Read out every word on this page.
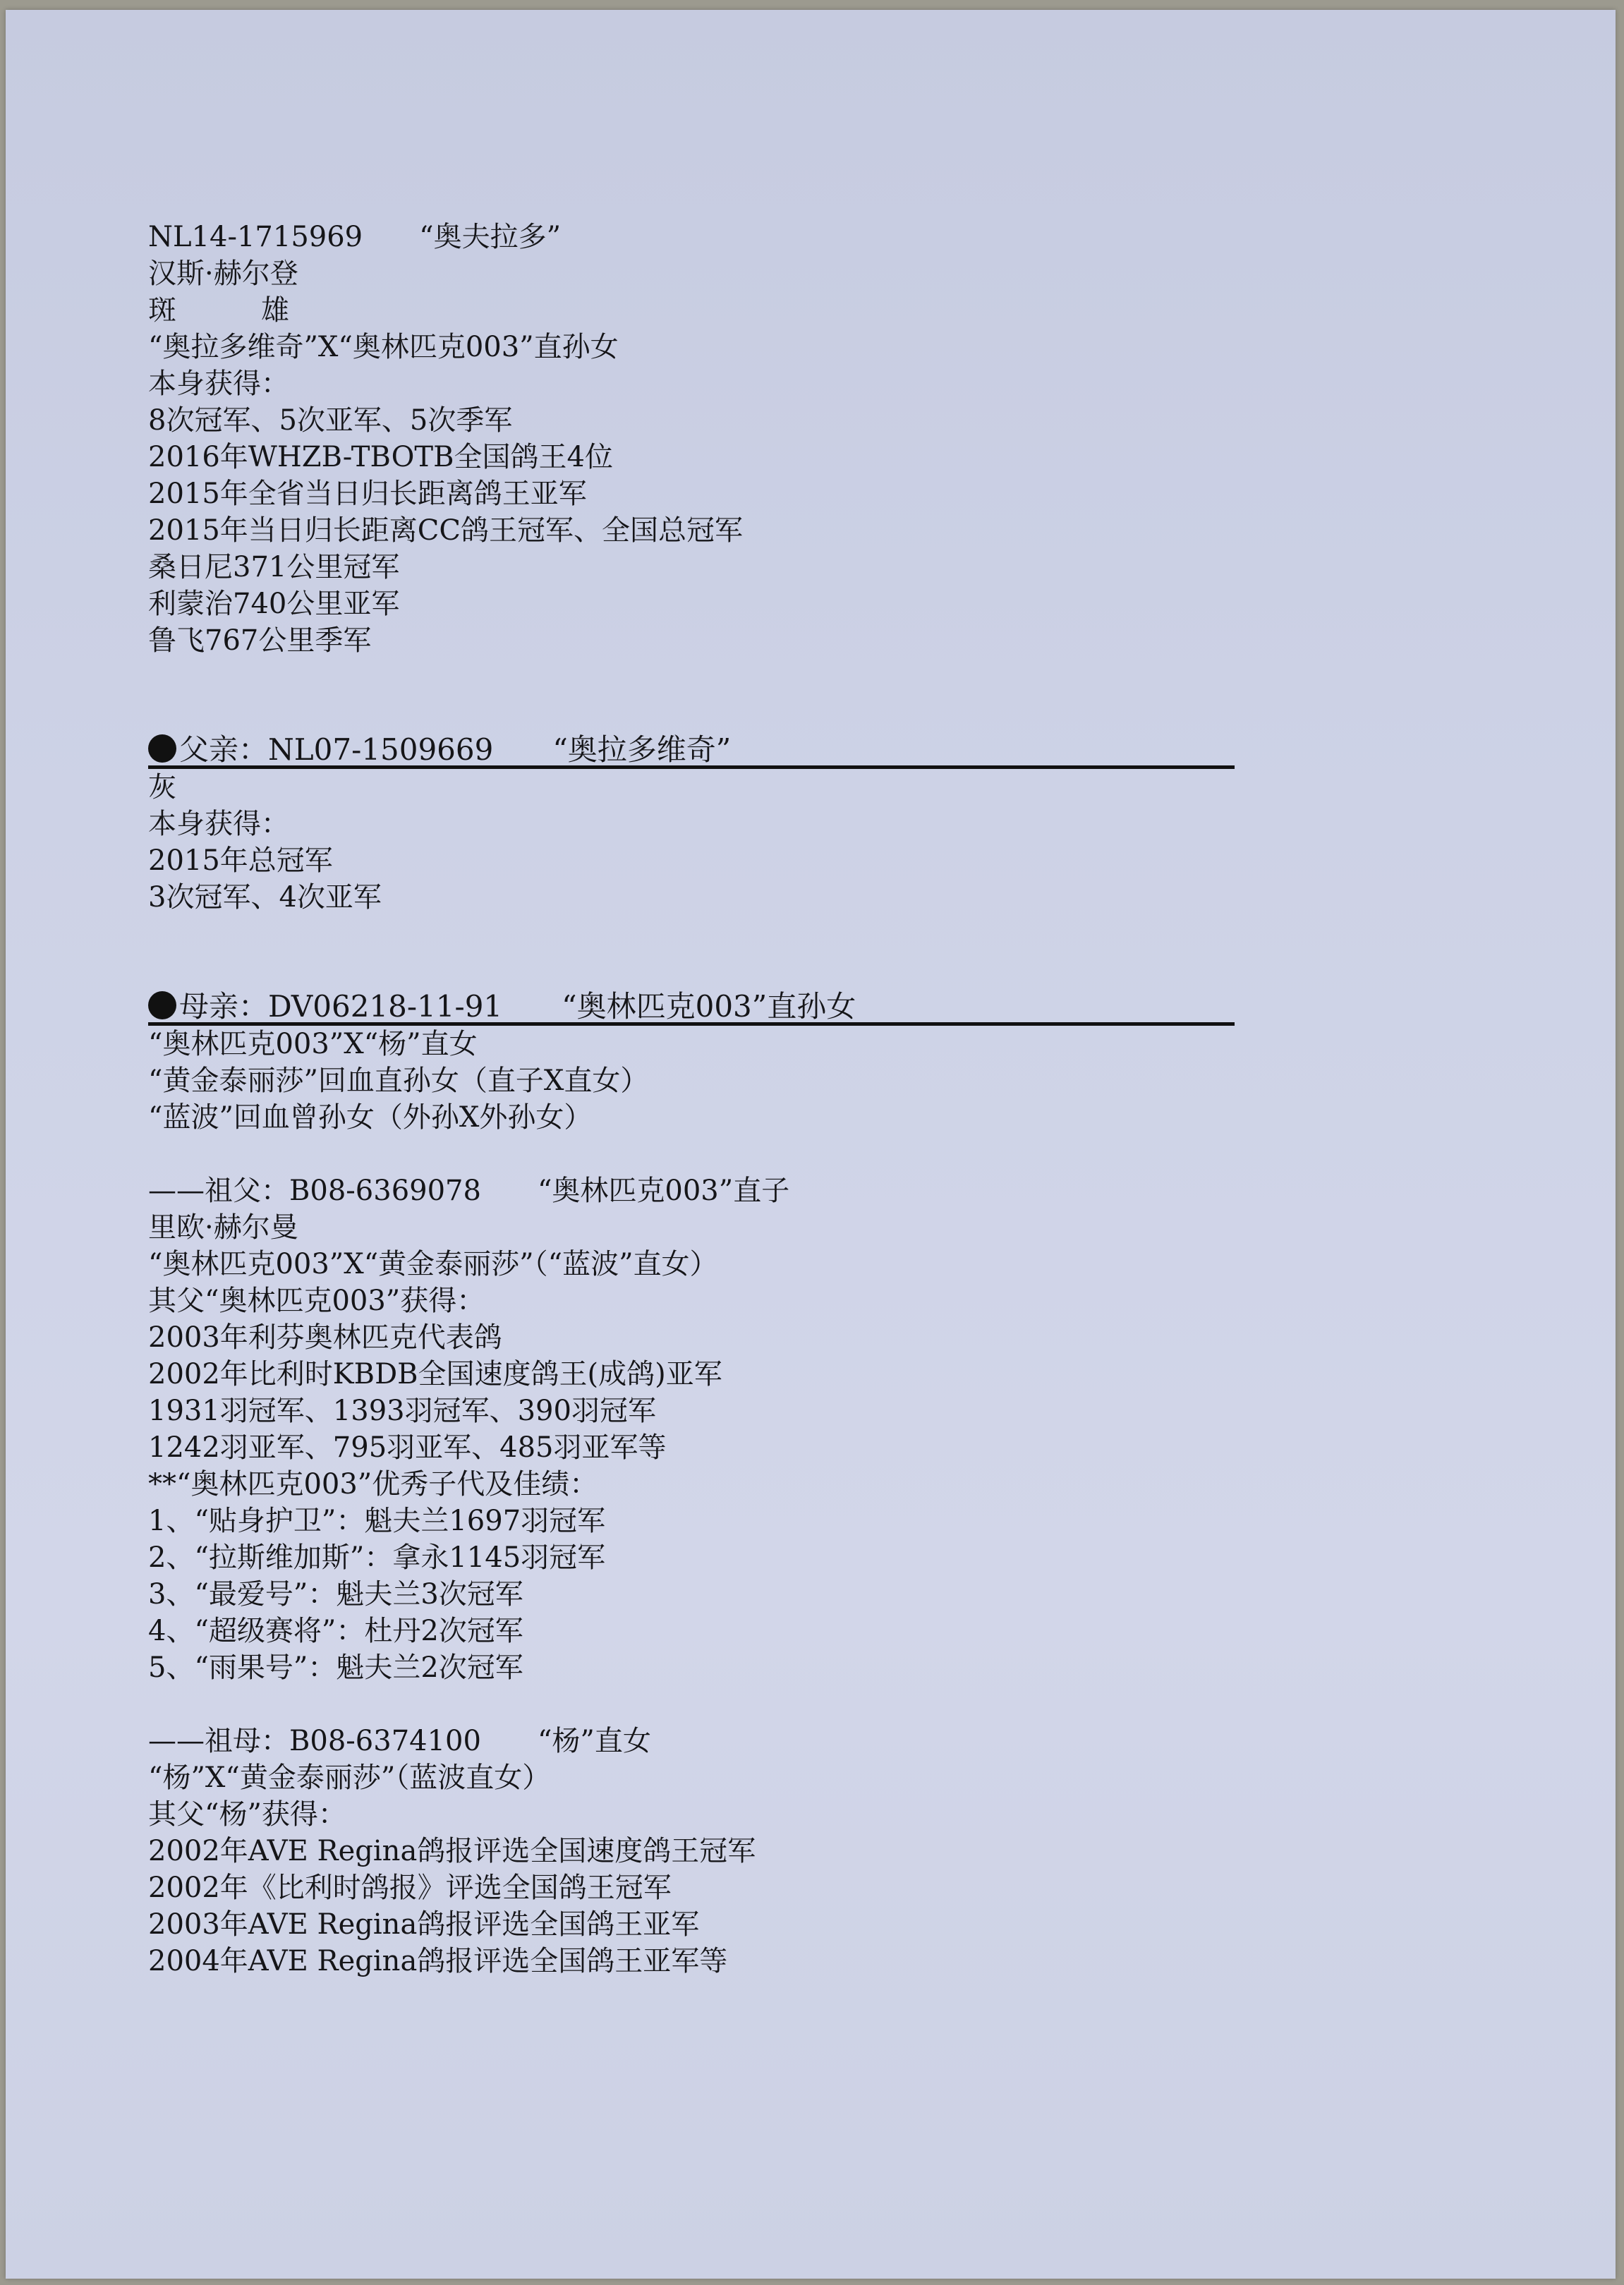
NL14-1715969　　“奥夫拉多”
汉斯·赫尔登
斑　　　雄
“奥拉多维奇”X“奥林匹克003”直孙女
本身获得：
8次冠军、5次亚军、5次季军
2016年WHZB-TBOTB全国鸽王4位
2015年全省当日归长距离鸽王亚军
2015年当日归长距离CC鸽王冠军、全国总冠军
桑日尼371公里冠军
利蒙治740公里亚军
鲁飞767公里季军
父亲：NL07-1509669　　“奥拉多维奇”
灰
本身获得：
2015年总冠军
3次冠军、4次亚军
母亲：DV06218-11-91　　“奥林匹克003”直孙女
“奥林匹克003”X“杨”直女
“黄金泰丽莎”回血直孙女（直子X直女）
“蓝波”回血曾孙女（外孙X外孙女）
——祖父：B08-6369078　　“奥林匹克003”直子
里欧·赫尔曼
“奥林匹克003”X“黄金泰丽莎”（“蓝波”直女）
其父“奥林匹克003”获得：
2003年利芬奥林匹克代表鸽
2002年比利时KBDB全国速度鸽王(成鸽)亚军
1931羽冠军、1393羽冠军、390羽冠军
1242羽亚军、795羽亚军、485羽亚军等
**“奥林匹克003”优秀子代及佳绩：
1、“贴身护卫”：魁夫兰1697羽冠军
2、“拉斯维加斯”：拿永1145羽冠军
3、“最爱号”：魁夫兰3次冠军
4、“超级赛将”：杜丹2次冠军
5、“雨果号”：魁夫兰2次冠军
——祖母：B08-6374100　　“杨”直女
“杨”X“黄金泰丽莎”（蓝波直女）
其父“杨”获得：
2002年AVE Regina鸽报评选全国速度鸽王冠军
2002年《比利时鸽报》评选全国鸽王冠军
2003年AVE Regina鸽报评选全国鸽王亚军
2004年AVE Regina鸽报评选全国鸽王亚军等
